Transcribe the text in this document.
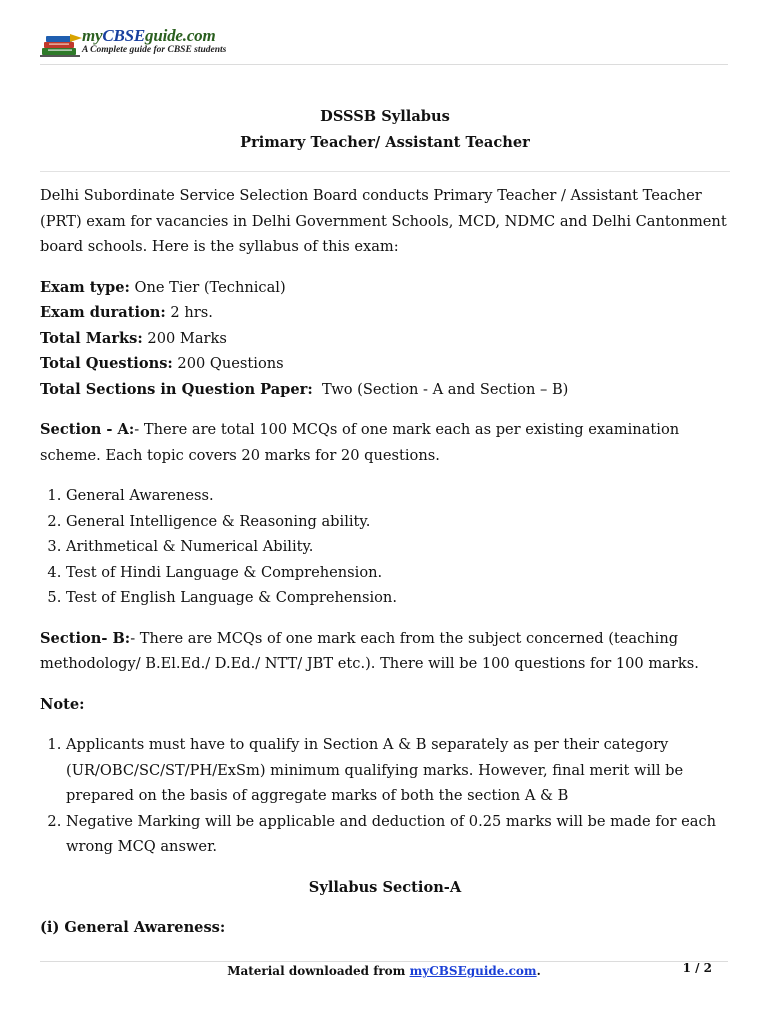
myCBSEguide.com
A Complete guide for CBSE students

DSSSB Syllabus

Primary Teacher/ Assistant Teacher

Delhi Subordinate Service Selection Board conducts Primary Teacher / Assistant Teacher (PRT) exam for vacancies in Delhi Government Schools, MCD, NDMC and Delhi Cantonment board schools. Here is the syllabus of this exam:

Exam type: One Tier (Technical)

Exam duration: 2 hrs.

Total Marks: 200 Marks

Total Questions: 200 Questions

Total Sections in Question Paper:  Two (Section - A and Section – B)

Section - A:- There are total 100 MCQs of one mark each as per existing examination scheme. Each topic covers 20 marks for 20 questions.

1. General Awareness.
2. General Intelligence & Reasoning ability.
3. Arithmetical & Numerical Ability.
4. Test of Hindi Language & Comprehension.
5. Test of English Language & Comprehension.

Section- B:- There are MCQs of one mark each from the subject concerned (teaching methodology/ B.El.Ed./ D.Ed./ NTT/ JBT etc.). There will be 100 questions for 100 marks.

Note:

1. Applicants must have to qualify in Section A & B separately as per their category (UR/OBC/SC/ST/PH/ExSm) minimum qualifying marks. However, final merit will be prepared on the basis of aggregate marks of both the section A & B
2. Negative Marking will be applicable and deduction of 0.25 marks will be made for each wrong MCQ answer.

Syllabus Section-A

(i) General Awareness:

Material downloaded from myCBSEguide.com.	1 / 2
